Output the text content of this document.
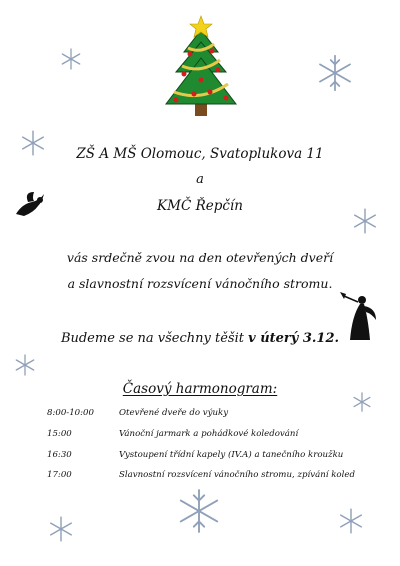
ZŠ A MŠ Olomouc, Svatoplukova 11
a
KMČ Řepčín
vás srdečně zvou na den otevřených dveří
a slavnostní rozsvícení vánočního stromu.
Budeme se na všechny těšit v úterý 3.12.
Časový harmonogram:
8:00-10:00	Otevřené dveře do výuky
15:00	Vánoční jarmark a pohádkové koledování
16:30	Vystoupení třídní kapely (IV.A) a tanečního kroužku
17:00	Slavnostní rozsvícení vánočního stromu, zpívání koled
